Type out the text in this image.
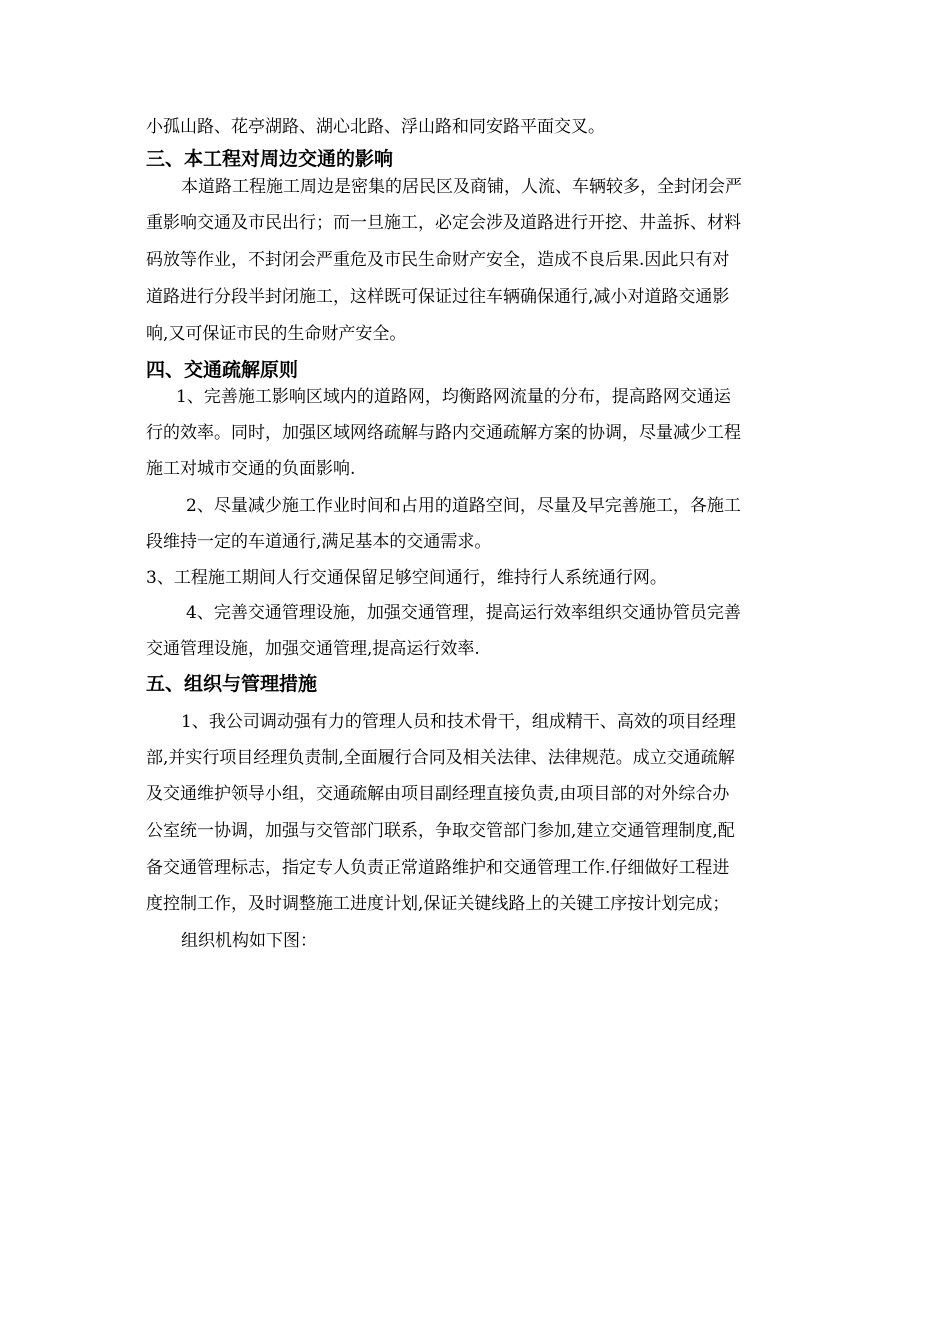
小孤山路、花亭湖路、湖心北路、浮山路和同安路平面交叉。
三、本工程对周边交通的影响
本道路工程施工周边是密集的居民区及商铺，人流、车辆较多，全封闭会严
重影响交通及市民出行；而一旦施工，必定会涉及道路进行开挖、井盖拆、材料
码放等作业，不封闭会严重危及市民生命财产安全，造成不良后果.因此只有对
道路进行分段半封闭施工，这样既可保证过往车辆确保通行,减小对道路交通影
响,又可保证市民的生命财产安全。
四、交通疏解原则
1、完善施工影响区域内的道路网，均衡路网流量的分布，提高路网交通运
行的效率。同时，加强区域网络疏解与路内交通疏解方案的协调，尽量减少工程
施工对城市交通的负面影响.
2、尽量减少施工作业时间和占用的道路空间，尽量及早完善施工，各施工
段维持一定的车道通行,满足基本的交通需求。
3、工程施工期间人行交通保留足够空间通行，维持行人系统通行网。
4、完善交通管理设施，加强交通管理，提高运行效率组织交通协管员完善
交通管理设施，加强交通管理,提高运行效率.
五、组织与管理措施
1、我公司调动强有力的管理人员和技术骨干，组成精干、高效的项目经理
部,并实行项目经理负责制,全面履行合同及相关法律、法律规范。成立交通疏解
及交通维护领导小组，交通疏解由项目副经理直接负责,由项目部的对外综合办
公室统一协调，加强与交管部门联系，争取交管部门参加,建立交通管理制度,配
备交通管理标志，指定专人负责正常道路维护和交通管理工作.仔细做好工程进
度控制工作，及时调整施工进度计划,保证关键线路上的关键工序按计划完成；
组织机构如下图：
